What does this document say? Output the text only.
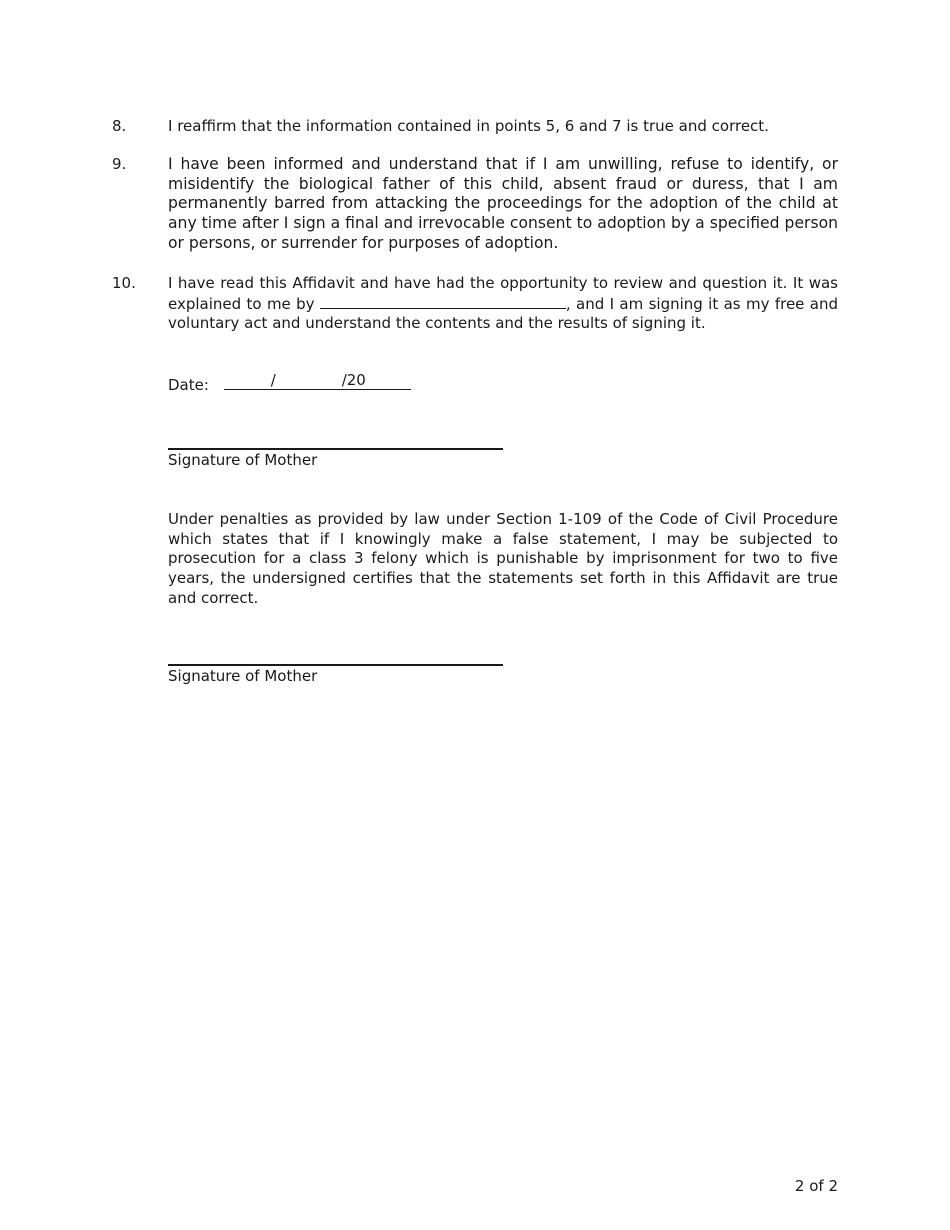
8.	I reaffirm that the information contained in points 5, 6 and 7 is true and correct.
9.	I have been informed and understand that if I am unwilling, refuse to identify, or misidentify the biological father of this child, absent fraud or duress, that I am permanently barred from attacking the proceedings for the adoption of the child at any time after I sign a final and irrevocable consent to adoption by a specified person or persons, or surrender for purposes of adoption.
10.	I have read this Affidavit and have had the opportunity to review and question it. It was explained to me by	, and I am signing it as my free and voluntary act and understand the contents and the results of signing it.
Date:	/	/20
Signature of Mother
Under penalties as provided by law under Section 1-109 of the Code of Civil Procedure which states that if I knowingly make a false statement, I may be subjected to prosecution for a class 3 felony which is punishable by imprisonment for two to five years, the undersigned certifies that the statements set forth in this Affidavit are true and correct.
Signature of Mother
2 of 2
